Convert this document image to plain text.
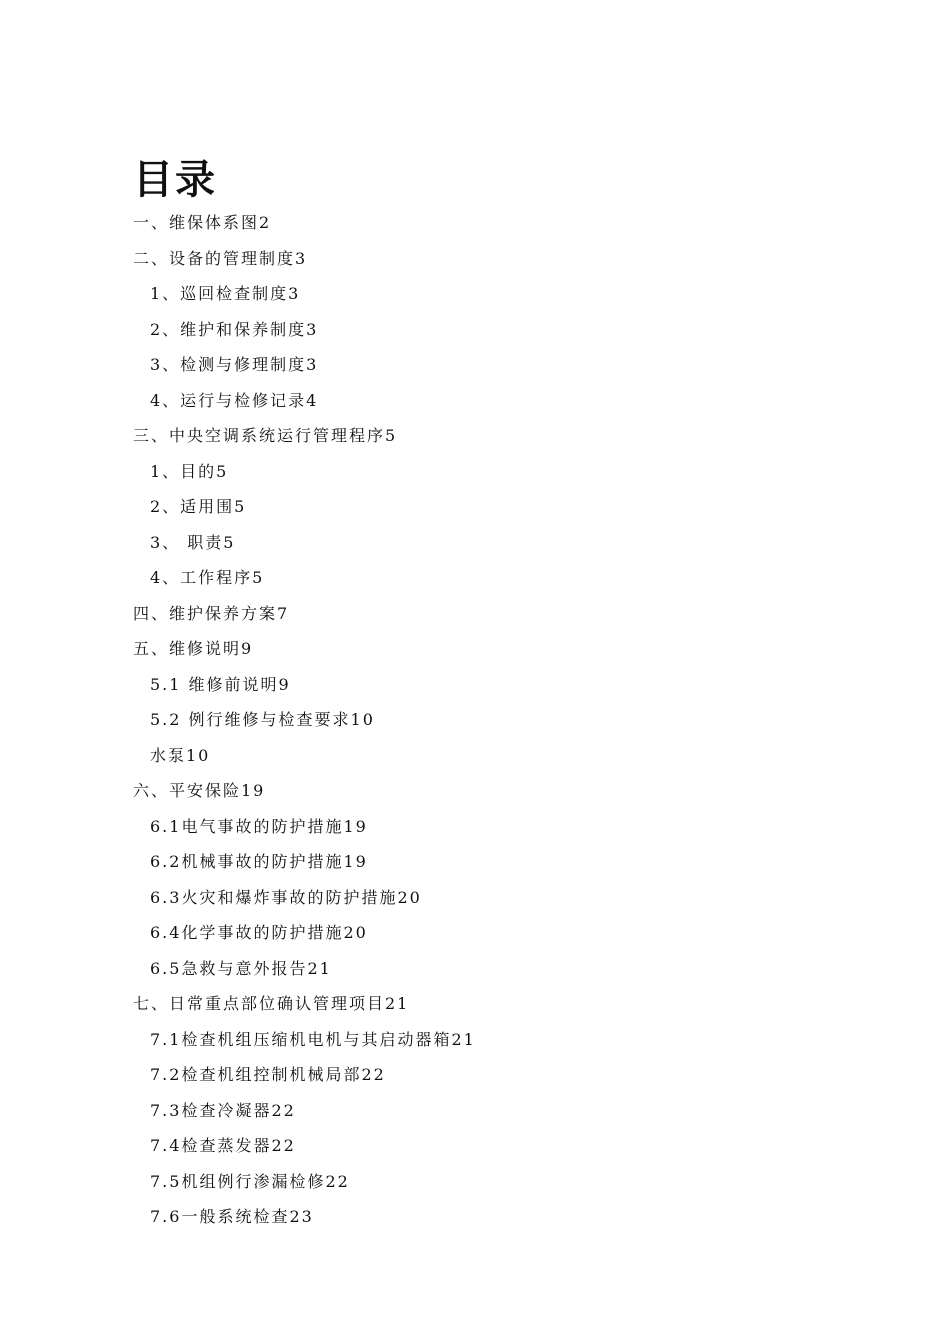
目录
一、维保体系图2
二、设备的管理制度3
1、巡回检查制度3
2、维护和保养制度3
3、检测与修理制度3
4、运行与检修记录4
三、中央空调系统运行管理程序5
1、目的5
2、适用围5
3、 职责5
4、工作程序5
四、维护保养方案7
五、维修说明9
5.1 维修前说明9
5.2 例行维修与检查要求10
水泵10
六、平安保险19
6.1电气事故的防护措施19
6.2机械事故的防护措施19
6.3火灾和爆炸事故的防护措施20
6.4化学事故的防护措施20
6.5急救与意外报告21
七、日常重点部位确认管理项目21
7.1检查机组压缩机电机与其启动器箱21
7.2检查机组控制机械局部22
7.3检查冷凝器22
7.4检查蒸发器22
7.5机组例行渗漏检修22
7.6一般系统检查23
